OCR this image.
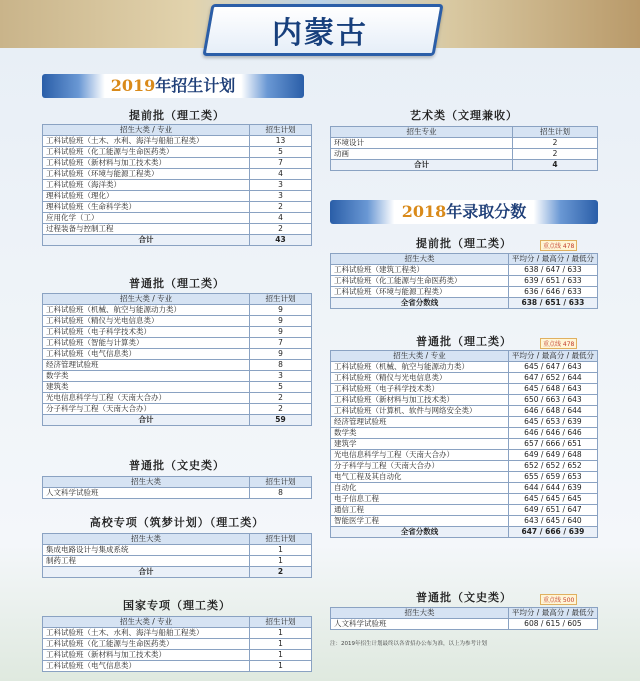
内蒙古
2019年招生计划
提前批（理工类）
招生大类 / 专业	招生计划
工科试验班（土木、水利、海洋与船舶工程类）	13
工科试验班（化工能源与生命医药类）	5
工科试验班（新材料与加工技术类）	7
工科试验班（环境与能源工程类）	4
工科试验班（海洋类）	3
理科试验班（理化）	3
理科试验班（生命科学类）	2
应用化学（工）	4
过程装备与控制工程	2
合计	43
普通批（理工类）
招生大类 / 专业	招生计划
工科试验班（机械、航空与能源动力类）	9
工科试验班（精仪与光电信息类）	9
工科试验班（电子科学技术类）	9
工科试验班（智能与计算类）	7
工科试验班（电气信息类）	9
经济管理试验班	8
数学类	3
建筑类	5
光电信息科学与工程（天南大合办）	2
分子科学与工程（天南大合办）	2
合计	59
普通批（文史类）
招生大类	招生计划
人文科学试验班	8
高校专项（筑梦计划）（理工类）
招生大类	招生计划
集成电路设计与集成系统	1
制药工程	1
合计	2
国家专项（理工类）
招生大类 / 专业	招生计划
工科试验班（土木、水利、海洋与船舶工程类）	1
工科试验班（化工能源与生命医药类）	1
工科试验班（新材料与加工技术类）	1
工科试验班（电气信息类）	1
艺术类（文理兼收）
招生专业	招生计划
环境设计	2
动画	2
合计	4
2018年录取分数
提前批（理工类）	重点线 478
招生大类	平均分 / 最高分 / 最低分
工科试验班（建筑工程类）	638 / 647 / 633
工科试验班（化工能源与生命医药类）	639 / 651 / 633
工科试验班（环境与能源工程类）	636 / 646 / 633
全省分数线	638 / 651 / 633
普通批（理工类）	重点线 478
招生大类 / 专业	平均分 / 最高分 / 最低分
工科试验班（机械、航空与能源动力类）	645 / 647 / 643
工科试验班（精仪与光电信息类）	647 / 652 / 644
工科试验班（电子科学技术类）	645 / 648 / 643
工科试验班（新材料与加工技术类）	650 / 663 / 643
工科试验班（计算机、软件与网络安全类）	646 / 648 / 644
经济管理试验班	645 / 653 / 639
数学类	646 / 646 / 646
建筑学	657 / 666 / 651
光电信息科学与工程（天南大合办）	649 / 649 / 648
分子科学与工程（天南大合办）	652 / 652 / 652
电气工程及其自动化	655 / 659 / 653
自动化	644 / 644 / 639
电子信息工程	645 / 645 / 645
通信工程	649 / 651 / 647
智能医学工程	643 / 645 / 640
全省分数线	647 / 666 / 639
普通批（文史类）	重点线 500
招生大类	平均分 / 最高分 / 最低分
人文科学试验班	608 / 615 / 605
注：2019年招生计划最终以各省招办公布为准，以上为参考计划
